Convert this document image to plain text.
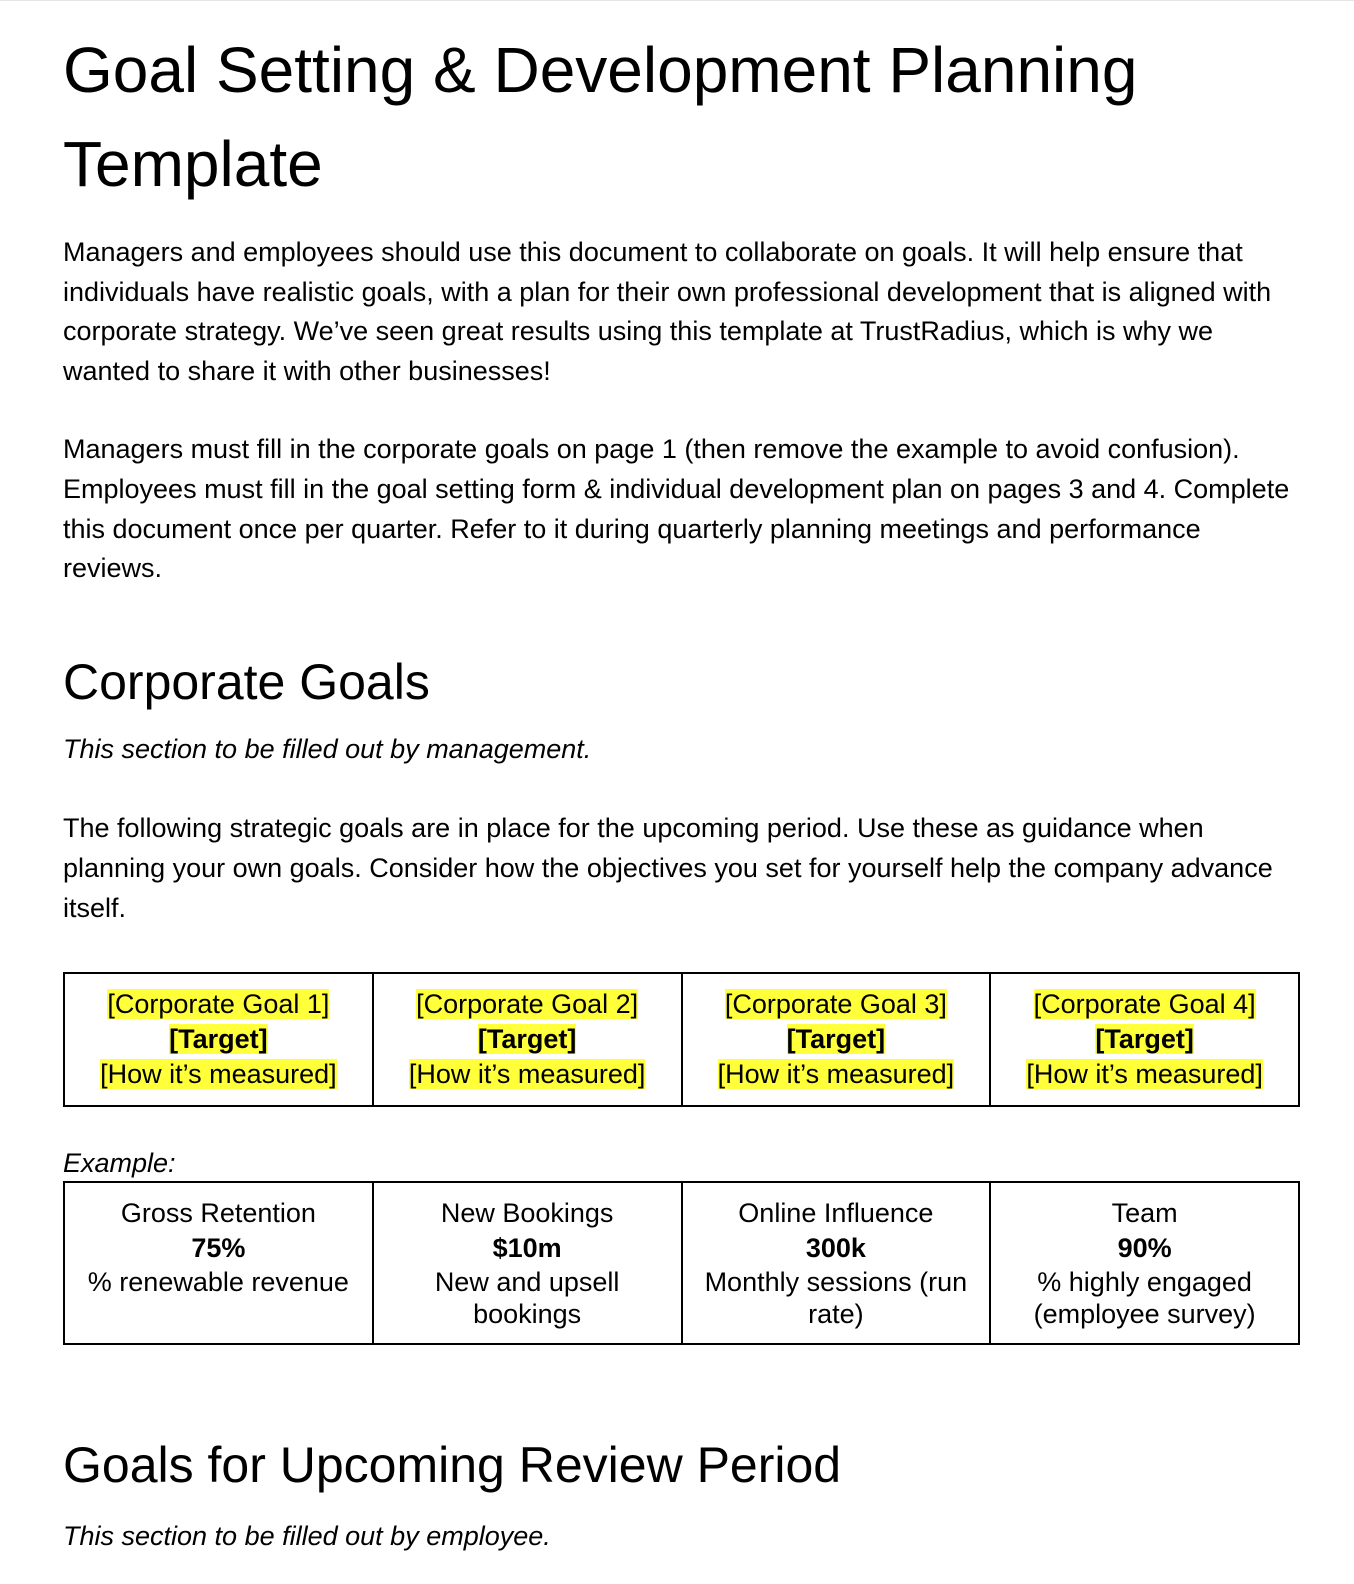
Goal Setting & Development Planning Template

Managers and employees should use this document to collaborate on goals. It will help ensure that individuals have realistic goals, with a plan for their own professional development that is aligned with corporate strategy. We’ve seen great results using this template at TrustRadius, which is why we wanted to share it with other businesses!

Managers must fill in the corporate goals on page 1 (then remove the example to avoid confusion). Employees must fill in the goal setting form & individual development plan on pages 3 and 4. Complete this document once per quarter. Refer to it during quarterly planning meetings and performance reviews.

Corporate Goals

This section to be filled out by management.

The following strategic goals are in place for the upcoming period. Use these as guidance when planning your own goals. Consider how the objectives you set for yourself help the company advance itself.

[Corporate Goal 1]
[Target]
[How it’s measured]	[Corporate Goal 2]
[Target]
[How it’s measured]	[Corporate Goal 3]
[Target]
[How it’s measured]	[Corporate Goal 4]
[Target]
[How it’s measured]
Example:
Gross Retention
75%

% renewable revenue
	New Bookings
$10m

New and upsell bookings
	Online Influence
300k

Monthly sessions (run rate)
	Team
90%

% highly engaged (employee survey)
Goals for Upcoming Review Period

This section to be filled out by employee.
